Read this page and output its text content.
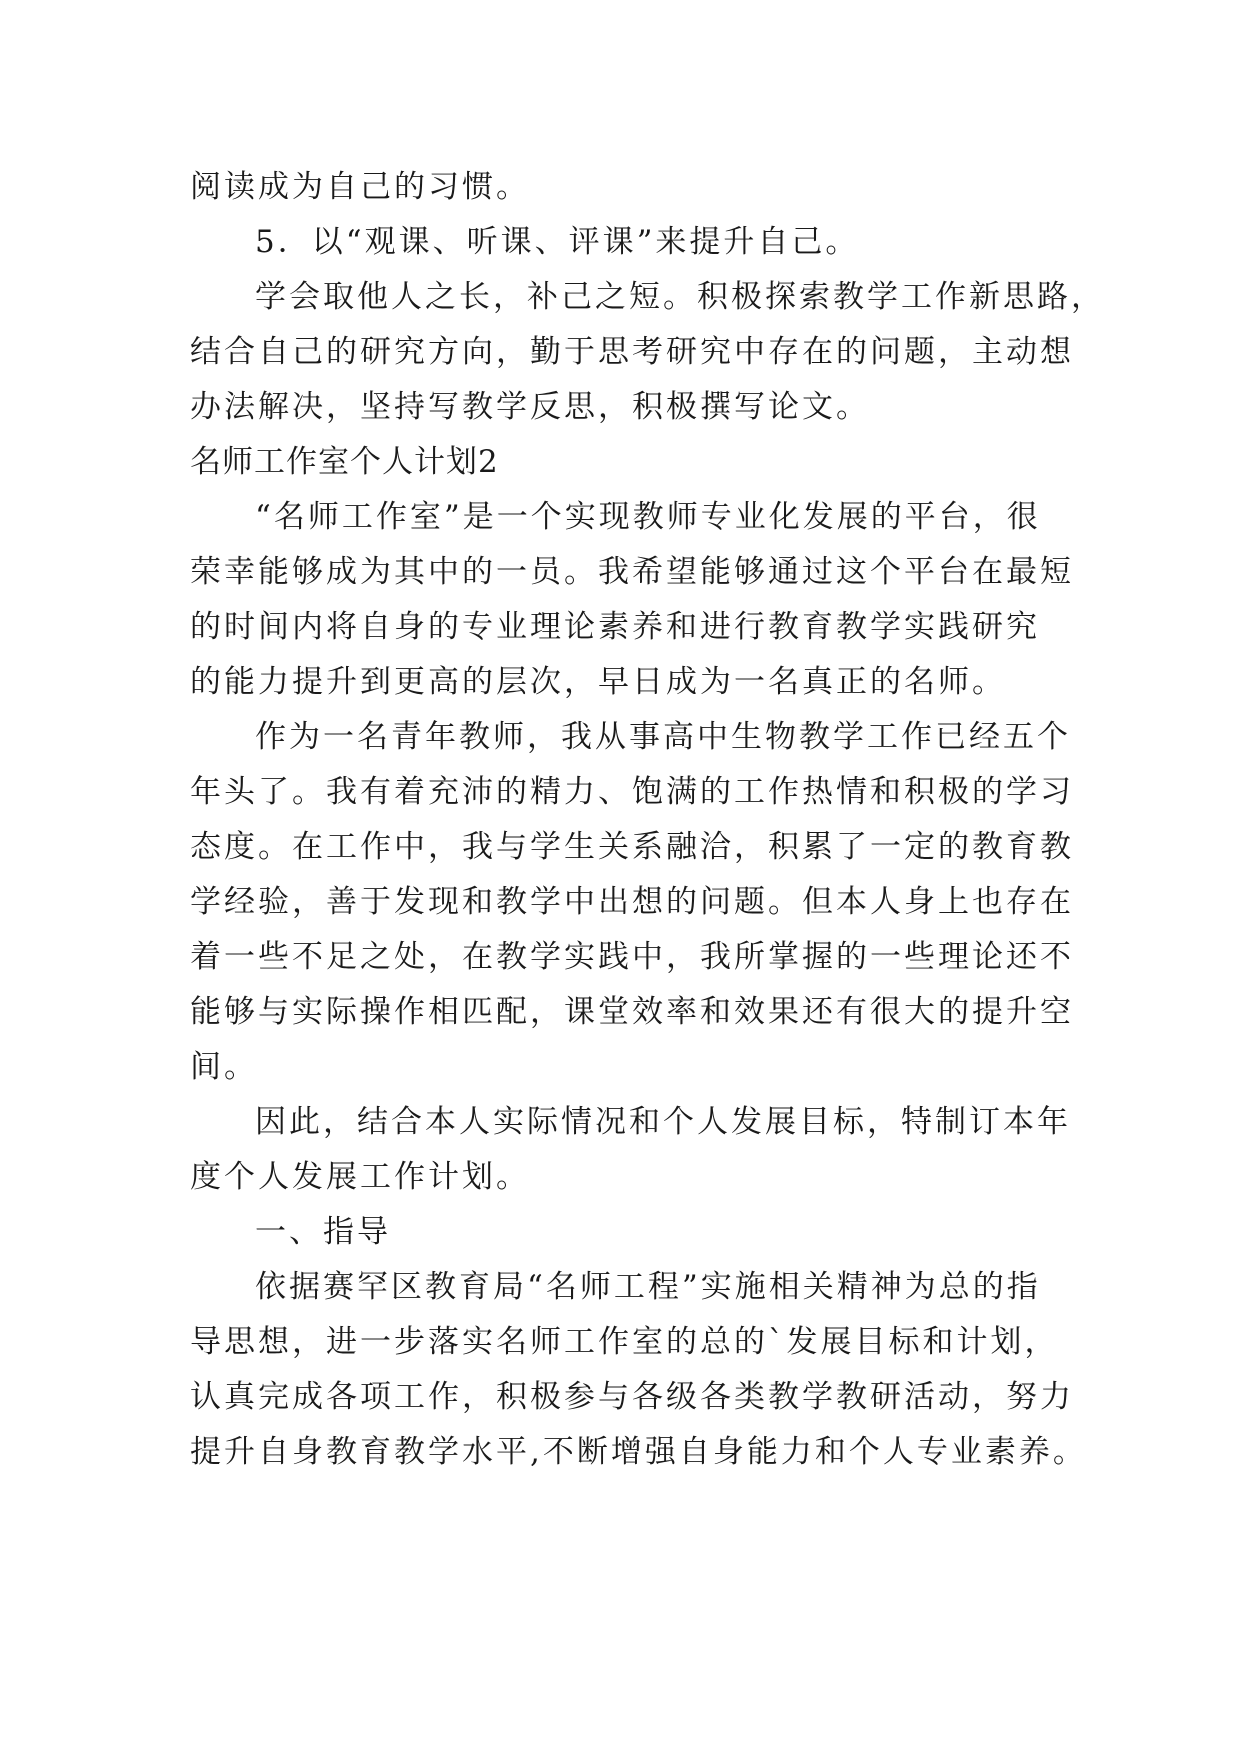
阅读成为自己的习惯。
5．以“观课、听课、评课”来提升自己。
学会取他人之长，补己之短。积极探索教学工作新思路，
结合自己的研究方向，勤于思考研究中存在的问题，主动想
办法解决，坚持写教学反思，积极撰写论文。
名师工作室个人计划2
“名师工作室”是一个实现教师专业化发展的平台，很
荣幸能够成为其中的一员。我希望能够通过这个平台在最短
的时间内将自身的专业理论素养和进行教育教学实践研究
的能力提升到更高的层次，早日成为一名真正的名师。
作为一名青年教师，我从事高中生物教学工作已经五个
年头了。我有着充沛的精力、饱满的工作热情和积极的学习
态度。在工作中，我与学生关系融洽，积累了一定的教育教
学经验，善于发现和教学中出想的问题。但本人身上也存在
着一些不足之处，在教学实践中，我所掌握的一些理论还不
能够与实际操作相匹配，课堂效率和效果还有很大的提升空
间。
因此，结合本人实际情况和个人发展目标，特制订本年
度个人发展工作计划。
一、指导
依据赛罕区教育局“名师工程”实施相关精神为总的指
导思想，进一步落实名师工作室的总的`发展目标和计划，
认真完成各项工作，积极参与各级各类教学教研活动，努力
提升自身教育教学水平,不断增强自身能力和个人专业素养。
